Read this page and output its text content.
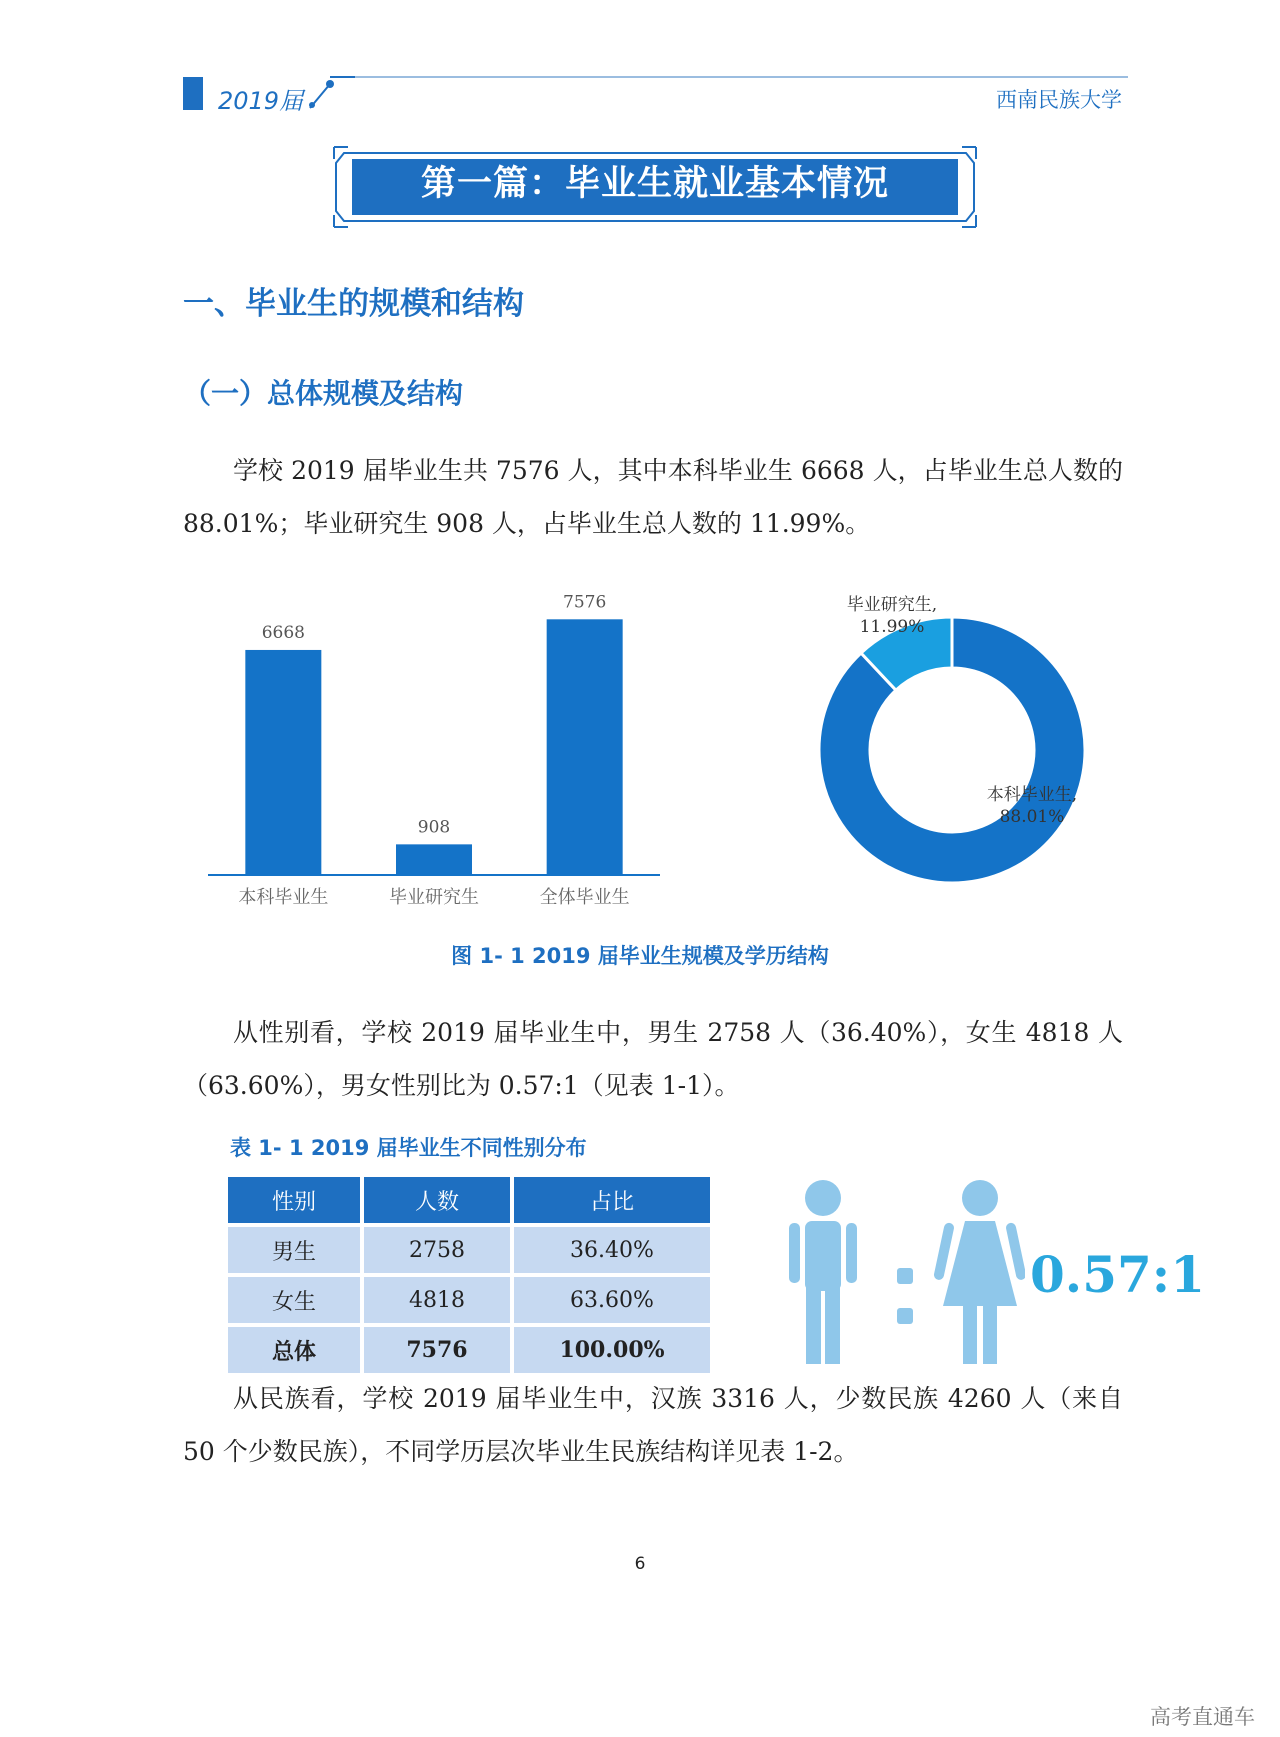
2019届	西南民族大学
第一篇：毕业生就业基本情况
一、毕业生的规模和结构
（一）总体规模及结构
学校 2019 届毕业生共 7576 人，其中本科毕业生 6668 人，占毕业生总人数的 88.01%；毕业研究生 908 人，占毕业生总人数的 11.99%。
6668
本科毕业生
908
毕业研究生
7576
全体毕业生
本科毕业生,
88.01%
毕业研究生,
11.99%
图 1- 1 2019 届毕业生规模及学历结构
从性别看，学校 2019 届毕业生中，男生 2758 人（36.40%），女生 4818 人（63.60%），男女性别比为 0.57:1（见表 1-1）。
表 1- 1 2019 届毕业生不同性别分布
性别	人数	占比
男生	2758	36.40%
女生	4818	63.60%
总体	7576	100.00%
0.57:1
从民族看，学校 2019 届毕业生中，汉族 3316 人，少数民族 4260 人（来自 50 个少数民族），不同学历层次毕业生民族结构详见表 1-2。
6
高考直通车
